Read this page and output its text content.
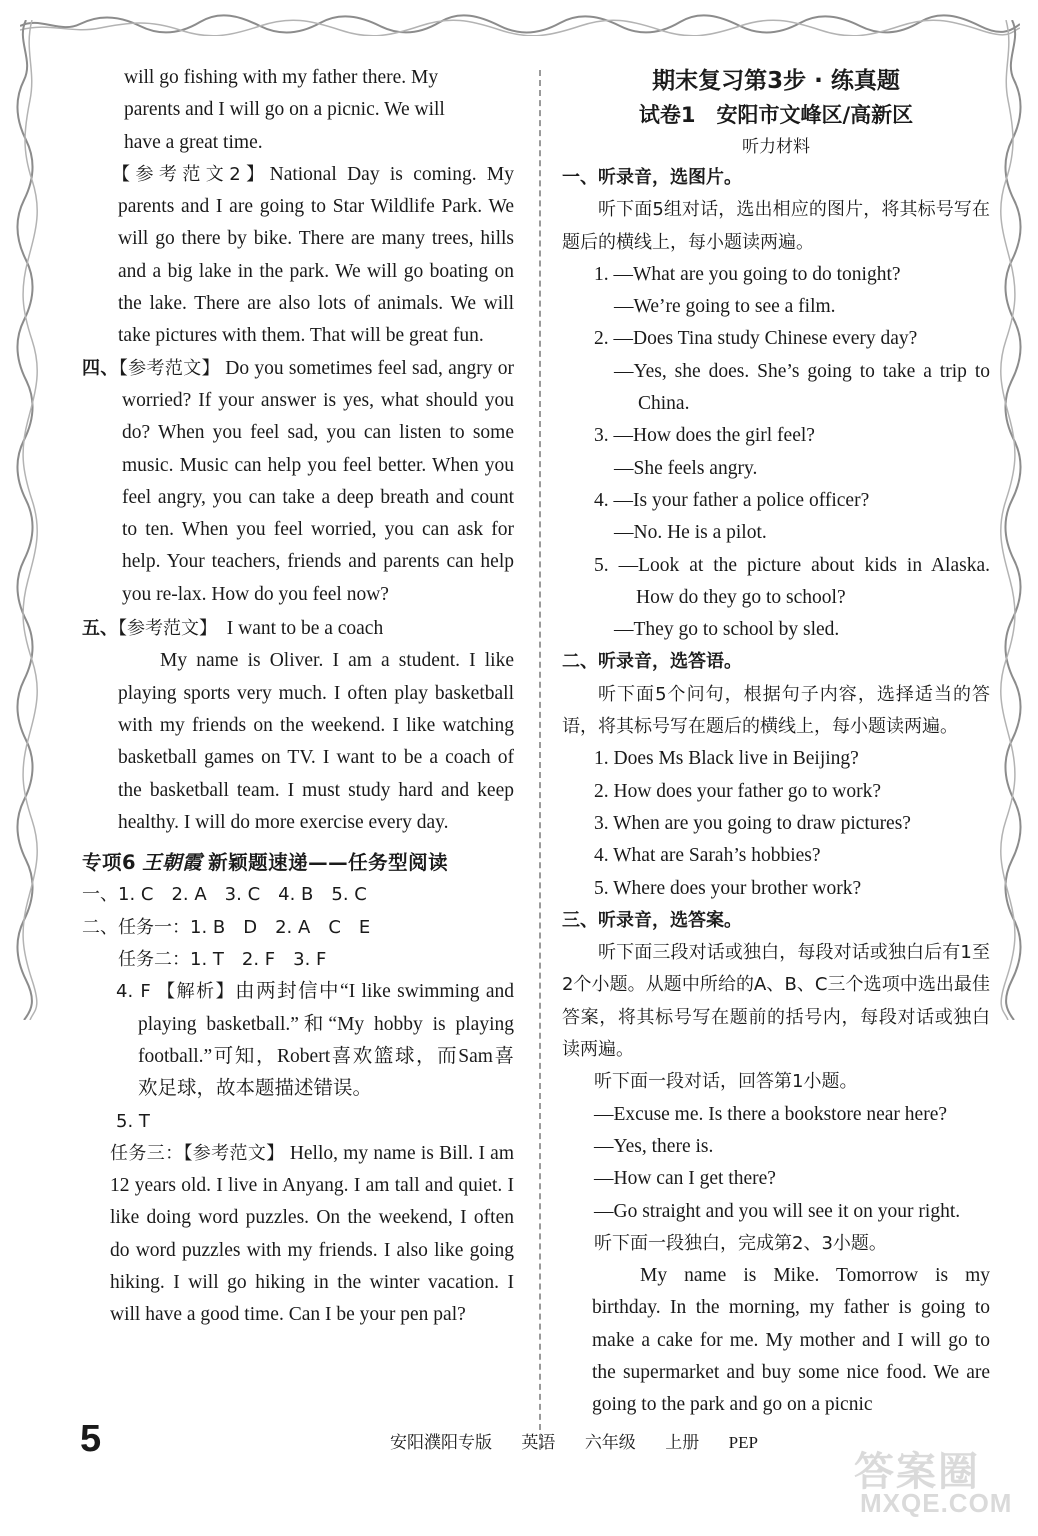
will go fishing with my father there. My

parents and I will go on a picnic. We will

have a great time.

【参考范文2】National Day is coming. My parents and I are going to Star Wildlife Park. We will go there by bike. There are many trees, hills and a big lake in the park. We will go boating on the lake. There are also lots of animals. We will take pictures with them. That will be great fun.

四、【参考范文】 Do you sometimes feel sad, angry or worried? If your answer is yes, what should you do? When you feel sad, you can listen to some music. Music can help you feel better. When you feel angry, you can take a deep breath and count to ten. When you feel worried, you can ask for help. Your teachers, friends and parents can help you re-lax. How do you feel now?

五、【参考范文】 I want to be a coach

My name is Oliver. I am a student. I like playing sports very much. I often play basketball with my friends on the weekend. I like watching basketball games on TV. I want to be a coach of the basketball team. I must study hard and keep healthy. I will do more exercise every day.

专项6 王朝霞 新颖题速递——任务型阅读

一、1. C　2. A　3. C　4. B　5. C

二、任务一：1. B　D　2. A　C　E

任务二：1. T　2. F　3. F

4. F 【解析】由两封信中“I like swimming and playing basketball.”和“My hobby is playing football.”可知，Robert喜欢篮球，而Sam喜欢足球，故本题描述错误。

5. T

任务三：【参考范文】 Hello, my name is Bill. I am 12 years old. I live in Anyang. I am tall and quiet. I like doing word puzzles. On the weekend, I often do word puzzles with my friends. I also like going hiking. I will go hiking in the winter vacation. I will have a good time. Can I be your pen pal?

期末复习第3步 · 练真题

试卷1　安阳市文峰区/高新区

听力材料

一、听录音，选图片。

听下面5组对话，选出相应的图片，将其标号写在题后的横线上，每小题读两遍。

1. —What are you going to do tonight?

—We’re going to see a film.

2. —Does Tina study Chinese every day?

—Yes, she does. She’s going to take a trip to China.

3. —How does the girl feel?

—She feels angry.

4. —Is your father a police officer?

—No. He is a pilot.

5. —Look at the picture about kids in Alaska. How do they go to school?

—They go to school by sled.

二、听录音，选答语。

听下面5个问句，根据句子内容，选择适当的答语，将其标号写在题后的横线上，每小题读两遍。

1. Does Ms Black live in Beijing?

2. How does your father go to work?

3. When are you going to draw pictures?

4. What are Sarah’s hobbies?

5. Where does your brother work?

三、听录音，选答案。

听下面三段对话或独白，每段对话或独白后有1至2个小题。从题中所给的A、B、C三个选项中选出最佳答案，将其标号写在题前的括号内，每段对话或独白读两遍。

听下面一段对话，回答第1小题。

—Excuse me. Is there a bookstore near here?

—Yes, there is.

—How can I get there?

—Go straight and you will see it on your right.

听下面一段独白，完成第2、3小题。

My name is Mike. Tomorrow is my birthday. In the morning, my father is going to make a cake for me. My mother and I will go to the supermarket and buy some nice food. We are going to the park and go on a picnic

5	安阳濮阳专版 英语 六年级 上册 PEP
答案圈
MXQE.COM
